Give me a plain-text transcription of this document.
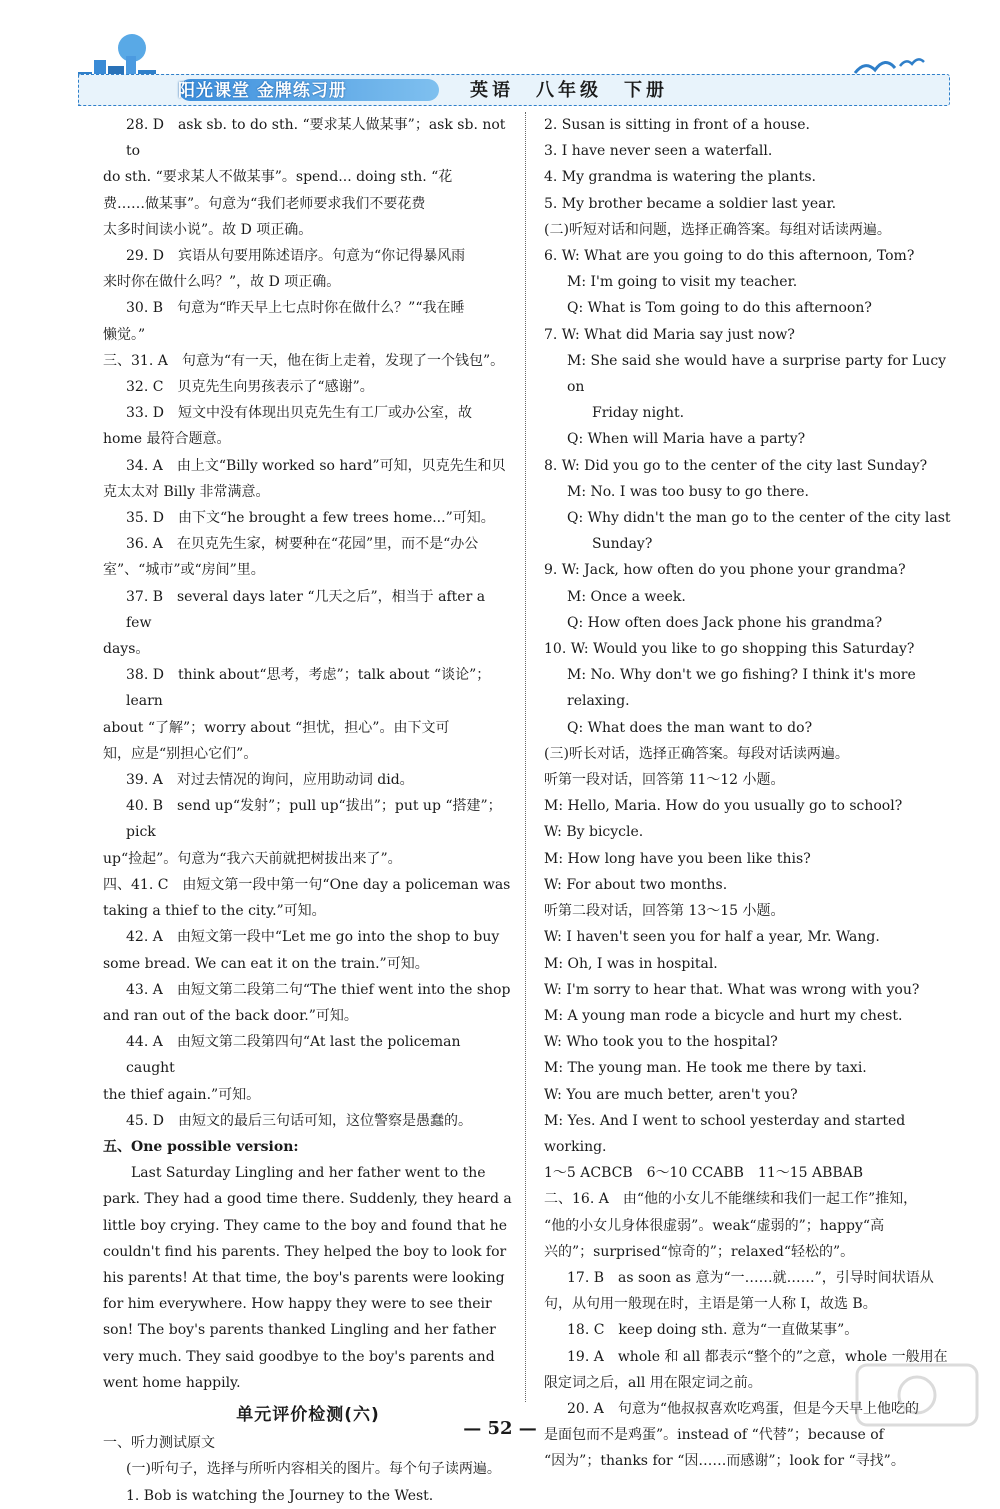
阳光课堂 金牌练习册	英语　八年级　下册

28. D　ask sb. to do sth. “要求某人做某事”；ask sb. not to

do sth. “要求某人不做某事”。spend... doing sth. “花

费……做某事”。句意为“我们老师要求我们不要花费

太多时间读小说”。故 D 项正确。

29. D　宾语从句要用陈述语序。句意为“你记得暴风雨

来时你在做什么吗？”，故 D 项正确。

30. B　句意为“昨天早上七点时你在做什么？”“我在睡

懒觉。”

三、31. A　句意为“有一天，他在街上走着，发现了一个钱包”。

32. C　贝克先生向男孩表示了“感谢”。

33. D　短文中没有体现出贝克先生有工厂或办公室，故

home 最符合题意。

34. A　由上文“Billy worked so hard”可知，贝克先生和贝

克太太对 Billy 非常满意。

35. D　由下文“he brought a few trees home...”可知。

36. A　在贝克先生家，树要种在“花园”里，而不是“办公

室”、“城市”或“房间”里。

37. B　several days later “几天之后”，相当于 after a few

days。

38. D　think about“思考，考虑”；talk about “谈论”；learn

about “了解”；worry about “担忧，担心”。由下文可

知，应是“别担心它们”。

39. A　对过去情况的询问，应用助动词 did。

40. B　send up“发射”；pull up“拔出”；put up “搭建”；pick

up“捡起”。句意为“我六天前就把树拔出来了”。

四、41. C　由短文第一段中第一句“One day a policeman was

taking a thief to the city.”可知。

42. A　由短文第一段中“Let me go into the shop to buy

some bread. We can eat it on the train.”可知。

43. A　由短文第二段第二句“The thief went into the shop

and ran out of the back door.”可知。

44. A　由短文第二段第四句“At last the policeman caught

the thief again.”可知。

45. D　由短文的最后三句话可知，这位警察是愚蠢的。

五、One possible version:

Last Saturday Lingling and her father went to the park. They had a good time there. Suddenly, they heard a little boy crying. They came to the boy and found that he couldn't find his parents. They helped the boy to look for his parents! At that time, the boy's parents were looking for him everywhere. How happy they were to see their son! The boy's parents thanked Lingling and her father very much. They said goodbye to the boy's parents and went home happily.

单元评价检测(六)

一、听力测试原文

(一)听句子，选择与所听内容相关的图片。每个句子读两遍。

1. Bob is watching the Journey to the West.

2. Susan is sitting in front of a house.

3. I have never seen a waterfall.

4. My grandma is watering the plants.

5. My brother became a soldier last year.

(二)听短对话和问题，选择正确答案。每组对话读两遍。

6. W: What are you going to do this afternoon, Tom?

M: I'm going to visit my teacher.

Q: What is Tom going to do this afternoon?

7. W: What did Maria say just now?

M: She said she would have a surprise party for Lucy on

Friday night.

Q: When will Maria have a party?

8. W: Did you go to the center of the city last Sunday?

M: No. I was too busy to go there.

Q: Why didn't the man go to the center of the city last

Sunday?

9. W: Jack, how often do you phone your grandma?

M: Once a week.

Q: How often does Jack phone his grandma?

10. W: Would you like to go shopping this Saturday?

M: No. Why don't we go fishing? I think it's more relaxing.

Q: What does the man want to do?

(三)听长对话，选择正确答案。每段对话读两遍。

听第一段对话，回答第 11～12 小题。

M: Hello, Maria. How do you usually go to school?

W: By bicycle.

M: How long have you been like this?

W: For about two months.

听第二段对话，回答第 13～15 小题。

W: I haven't seen you for half a year, Mr. Wang.

M: Oh, I was in hospital.

W: I'm sorry to hear that. What was wrong with you?

M: A young man rode a bicycle and hurt my chest.

W: Who took you to the hospital?

M: The young man. He took me there by taxi.

W: You are much better, aren't you?

M: Yes. And I went to school yesterday and started working.

1～5 ACBCB　6～10 CCABB　11～15 ABBAB

二、16. A　由“他的小女儿不能继续和我们一起工作”推知，

“他的小女儿身体很虚弱”。weak“虚弱的”；happy“高

兴的”；surprised“惊奇的”；relaxed“轻松的”。

17. B　as soon as 意为“一……就……”，引导时间状语从

句，从句用一般现在时，主语是第一人称 I，故选 B。

18. C　keep doing sth. 意为“一直做某事”。

19. A　whole 和 all 都表示“整个的”之意，whole 一般用在

限定词之后，all 用在限定词之前。

20. A　句意为“他叔叔喜欢吃鸡蛋，但是今天早上他吃的

是面包而不是鸡蛋”。instead of “代替”；because of

“因为”；thanks for “因……而感谢”；look for “寻找”。

— 52 —
